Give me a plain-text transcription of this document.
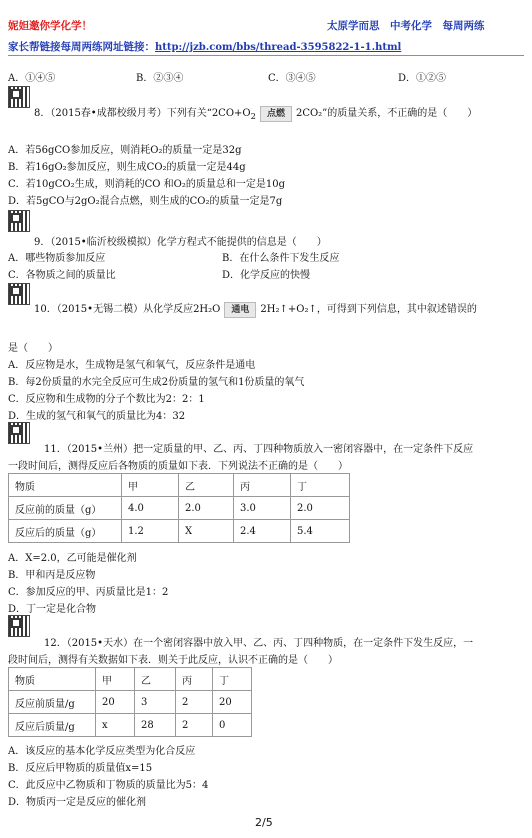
妮妲邀你学化学！	太原学而思　中考化学　每周两练
家长帮链接每周两练网址链接：http://jzb.com/bbs/thread-3595822-1-1.html
A．①④⑤	B．②③④	C．③④⑤	D．①②⑤
8．（2015春•成都校级月考）下列有关“$2CO+O_2$ 点燃 2CO₂”的质量关系，不正确的是（　　）
A．若56gCO参加反应，则消耗O₂的质量一定是32g
B．若16gO₂参加反应，则生成CO₂的质量一定是44g
C．若10gCO₂生成，则消耗的CO 和O₂的质量总和一定是10g
D．若5gCO与2gO₂混合点燃，则生成的CO₂的质量一定是7g
9．（2015•临沂校级模拟）化学方程式不能提供的信息是（　　）
A．哪些物质参加反应	B．在什么条件下发生反应
C．各物质之间的质量比	D．化学反应的快慢
10．（2015•无锡二模）从化学反应2H₂O 通电 2H₂↑+O₂↑，可得到下列信息，其中叙述错误的
是（　　）
A．反应物是水，生成物是氢气和氧气，反应条件是通电
B．每2份质量的水完全反应可生成2份质量的氢气和1份质量的氧气
C．反应物和生成物的分子个数比为2：2：1
D．生成的氢气和氧气的质量比为4：32
11．（2015•兰州）把一定质量的甲、乙、丙、丁四种物质放入一密闭容器中，在一定条件下反应
一段时间后，测得反应后各物质的质量如下表．下列说法不正确的是（　　）
物质	甲	乙	丙	丁
反应前的质量（g）	4.0	2.0	3.0	2.0
反应后的质量（g）	1.2	X	2.4	5.4
A．X=2.0，乙可能是催化剂
B．甲和丙是反应物
C．参加反应的甲、丙质量比是1：2
D．丁一定是化合物
12．（2015•天水）在一个密闭容器中放入甲、乙、丙、丁四种物质，在一定条件下发生反应，一
段时间后，测得有关数据如下表．则关于此反应，认识不正确的是（　　）
物质	甲	乙	丙	丁
反应前质量/g	20	3	2	20
反应后质量/g	x	28	2	0
A．该反应的基本化学反应类型为化合反应
B．反应后甲物质的质量值x=15
C．此反应中乙物质和丁物质的质量比为5：4
D．物质丙一定是反应的催化剂
2/5
